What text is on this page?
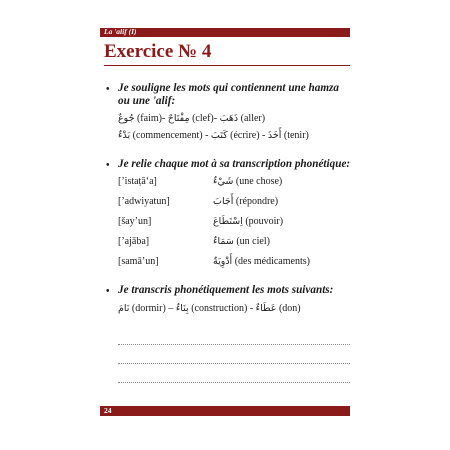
La 'alif (I)
Exercice № 4
• Je souligne les mots qui contiennent une hamza ou une 'alif:
جُوعٌ (faim)- مِفْتَاحٌ (clef)- ذَهَبَ (aller)
بَدْءٌ (commencement) - كَتَبَ (écrire) - أَخَذَ (tenir)
• Je relie chaque mot à sa transcription phonétique:
[ʼistaṭā‘a]	شَيْءٌ (une chose)
[ʼadwiyatun]	أَجَابَ (répondre)
[šay’un]	اِسْتَطَاعَ (pouvoir)
[ʼajāba]	سَمَاءٌ (un ciel)
[samā’un]	أَدْوِيَةٌ (des médicaments)
• Je transcris phonétiquement les mots suivants:
نَامَ (dormir) – بِنَاءٌ (construction) - عَطَاءٌ (don)
24
